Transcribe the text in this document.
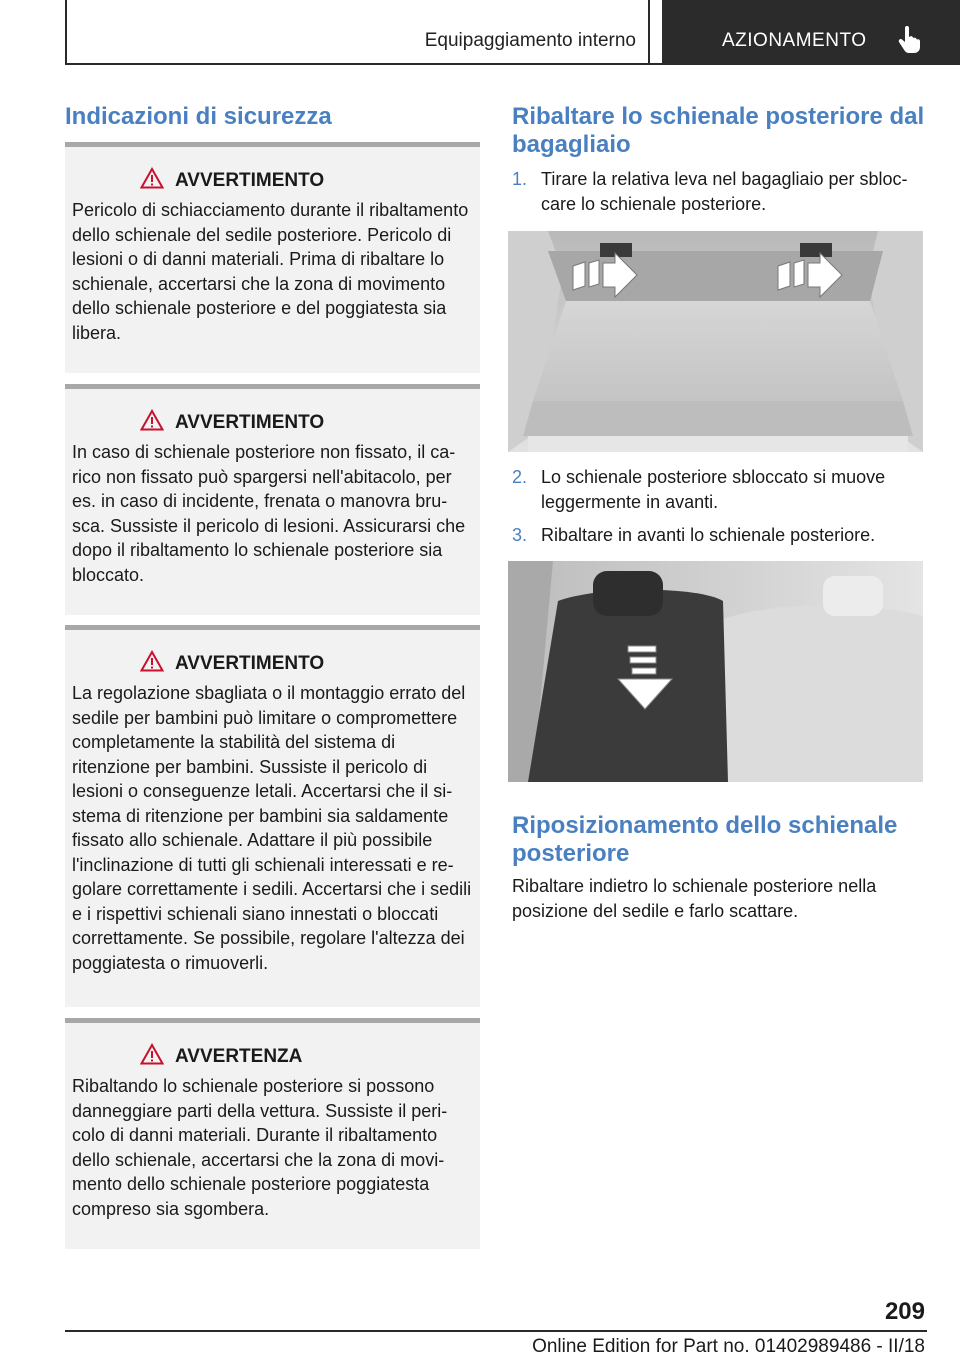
Equipaggiamento interno	AZIONAMENTO
Indicazioni di sicurezza
AVVERTIMENTO
Pericolo di schiacciamento durante il ribaltamento dello schienale del sedile posteriore. Pericolo di lesioni o di danni materiali. Prima di ribaltare lo schienale, accertarsi che la zona di movimento dello schienale posteriore e del poggiatesta sia libera.
AVVERTIMENTO
In caso di schienale posteriore non fissato, il carico non fissato può spargersi nell'abitacolo, per es. in caso di incidente, frenata o manovra brusca. Sussiste il pericolo di lesioni. Assicurarsi che dopo il ribaltamento lo schienale posteriore sia bloccato.
AVVERTIMENTO
La regolazione sbagliata o il montaggio errato del sedile per bambini può limitare o compromettere completamente la stabilità del sistema di ritenzione per bambini. Sussiste il pericolo di lesioni o conseguenze letali. Accertarsi che il sistema di ritenzione per bambini sia saldamente fissato allo schienale. Adattare il più possibile l'inclinazione di tutti gli schienali interessati e regolare correttamente i sedili. Accertarsi che i sedili e i rispettivi schienali siano innestati o bloccati correttamente. Se possibile, regolare l'altezza dei poggiatesta o rimuoverli.
AVVERTENZA
Ribaltando lo schienale posteriore si possono danneggiare parti della vettura. Sussiste il pericolo di danni materiali. Durante il ribaltamento dello schienale, accertarsi che la zona di movimento dello schienale posteriore poggiatesta compreso sia sgombera.
Ribaltare lo schienale posteriore dal bagagliaio
1. Tirare la relativa leva nel bagagliaio per sbloccare lo schienale posteriore.
2. Lo schienale posteriore sbloccato si muove leggermente in avanti.
3. Ribaltare in avanti lo schienale posteriore.
Riposizionamento dello schienale posteriore
Ribaltare indietro lo schienale posteriore nella posizione del sedile e farlo scattare.
209
Online Edition for Part no. 01402989486 - II/18
